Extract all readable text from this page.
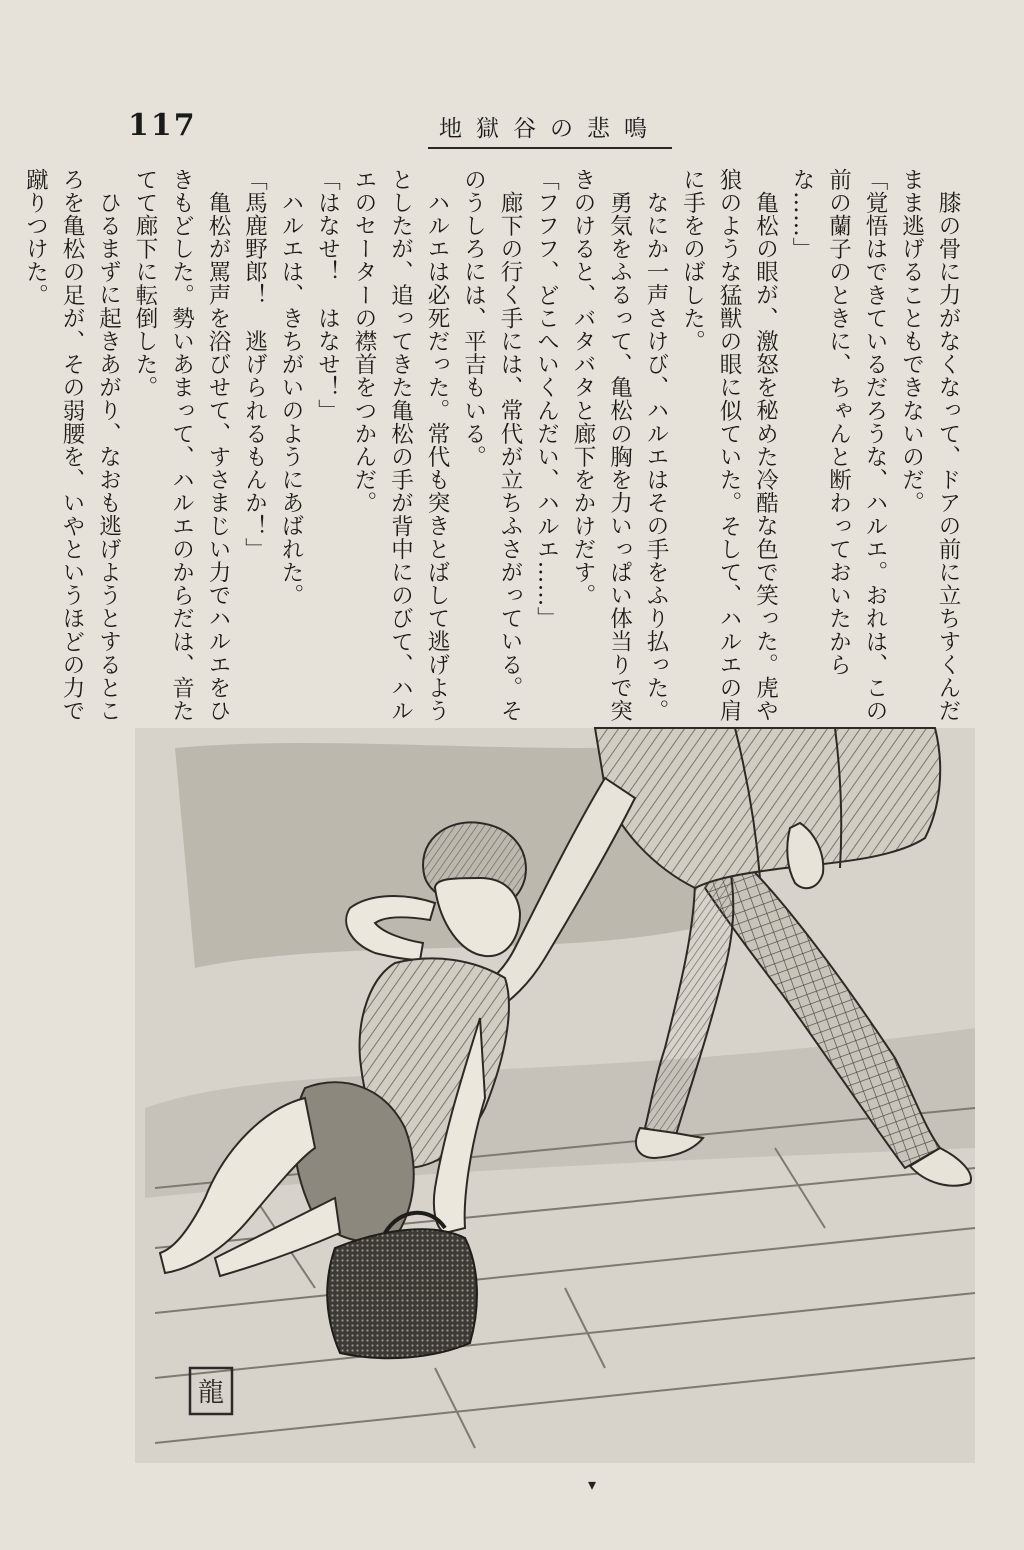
117	地獄谷の悲鳴

膝の骨に力がなくなって、ドアの前に立ちすくんだまま逃げることもできないのだ。

「覚悟はできているだろうな、ハルエ。おれは、この前の蘭子のときに、ちゃんと断わっておいたからな……」

亀松の眼が、激怒を秘めた冷酷な色で笑った。虎や狼のような猛獣の眼に似ていた。そして、ハルエの肩に手をのばした。

なにか一声さけび、ハルエはその手をふり払った。

勇気をふるって、亀松の胸を力いっぱい体当りで突きのけると、バタバタと廊下をかけだす。

「フフフ、どこへいくんだい、ハルエ……」

廊下の行く手には、常代が立ちふさがっている。そのうしろには、平吉もいる。

ハルエは必死だった。常代も突きとばして逃げようとしたが、追ってきた亀松の手が背中にのびて、ハルエのセーターの襟首をつかんだ。

「はなせ！　はなせ！」

ハルエは、きちがいのようにあばれた。

「馬鹿野郎！　逃げられるもんか！」

亀松が罵声を浴びせて、すさまじい力でハルエをひきもどした。勢いあまって、ハルエのからだは、音たてて廊下に転倒した。

ひるまずに起きあがり、なおも逃げようとするところを亀松の足が、その弱腰を、いやというほどの力で蹴りつけた。

龍
▾
